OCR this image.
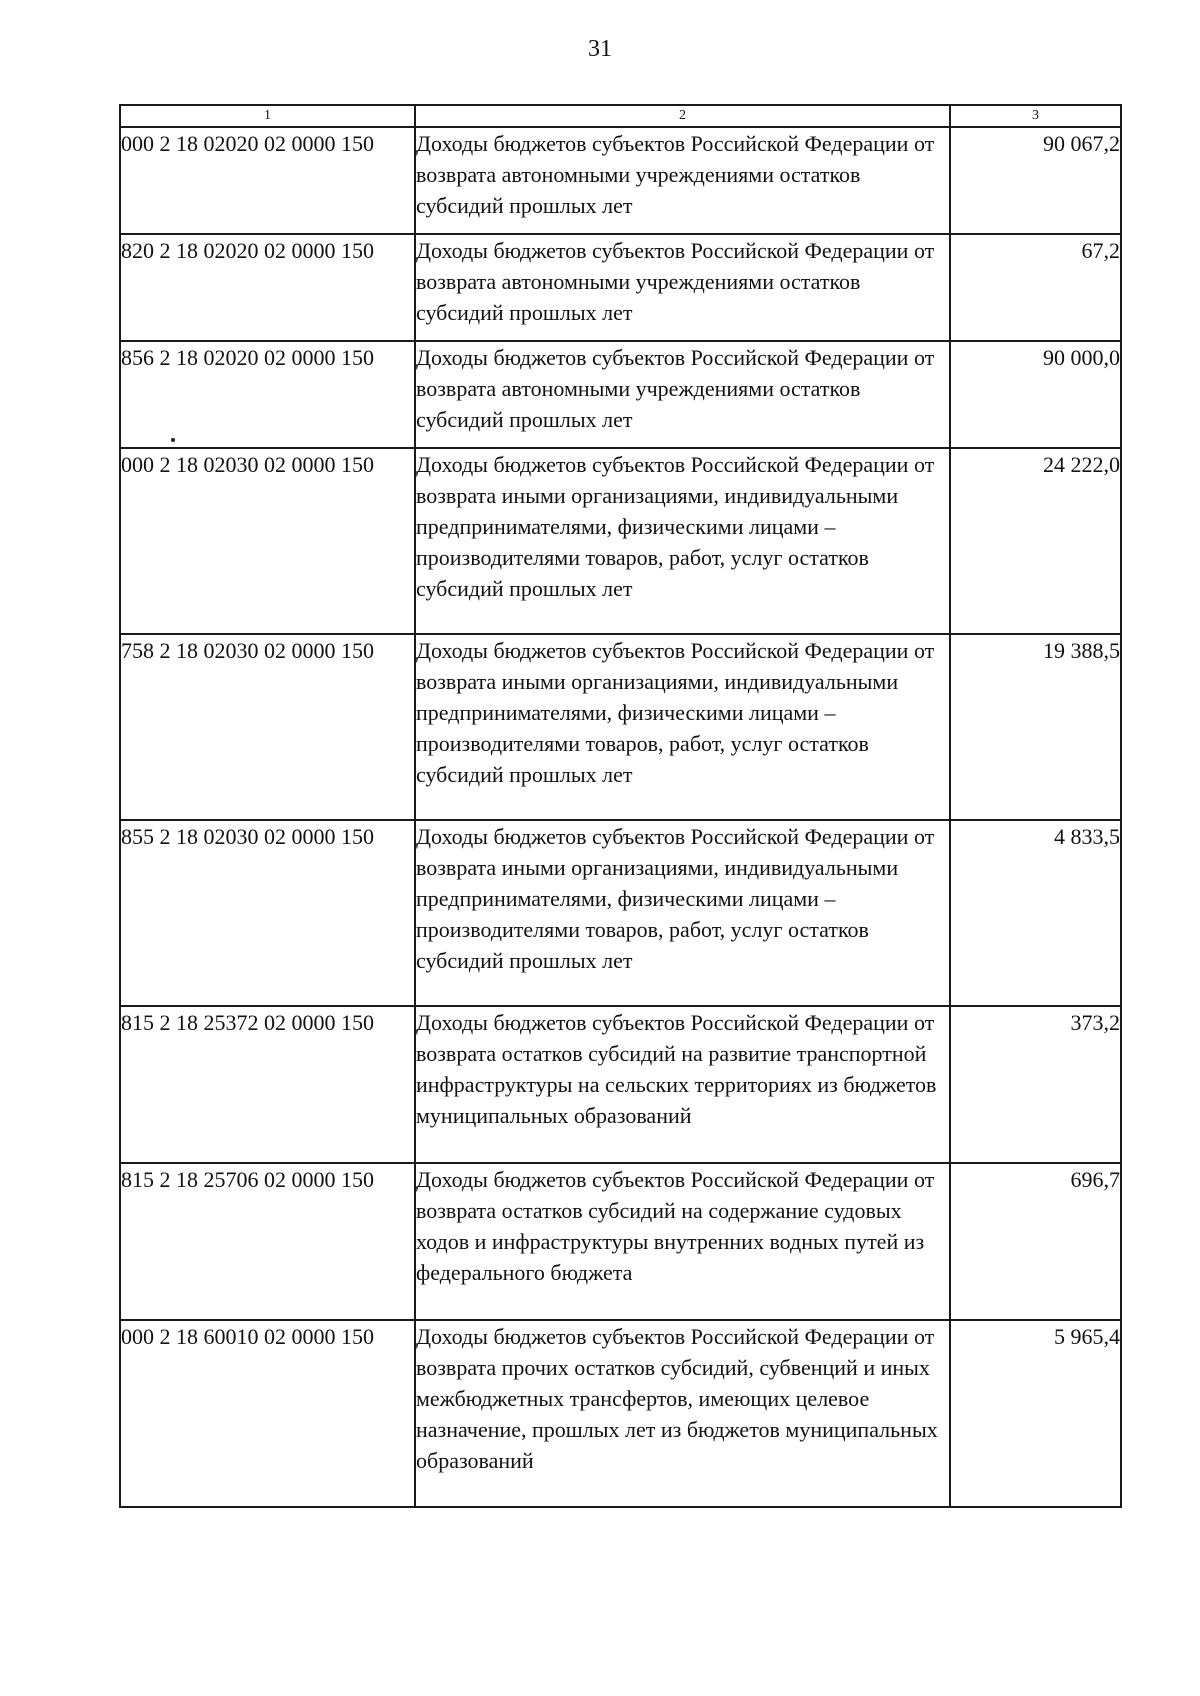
31
1	2	3
000 2 18 02020 02 0000 150	Доходы бюджетов субъектов Российской Федерации от возврата автономными учреждениями остатков субсидий прошлых лет	90 067,2
820 2 18 02020 02 0000 150	Доходы бюджетов субъектов Российской Федерации от возврата автономными учреждениями остатков субсидий прошлых лет	67,2
856 2 18 02020 02 0000 150	Доходы бюджетов субъектов Российской Федерации от возврата автономными учреждениями остатков субсидий прошлых лет	90 000,0
000 2 18 02030 02 0000 150	Доходы бюджетов субъектов Российской Федерации от возврата иными организациями, индивидуальными предпринимателями, физическими лицами – производителями товаров, работ, услуг остатков субсидий прошлых лет	24 222,0
758 2 18 02030 02 0000 150	Доходы бюджетов субъектов Российской Федерации от возврата иными организациями, индивидуальными предпринимателями, физическими лицами – производителями товаров, работ, услуг остатков субсидий прошлых лет	19 388,5
855 2 18 02030 02 0000 150	Доходы бюджетов субъектов Российской Федерации от возврата иными организациями, индивидуальными предпринимателями, физическими лицами – производителями товаров, работ, услуг остатков субсидий прошлых лет	4 833,5
815 2 18 25372 02 0000 150	Доходы бюджетов субъектов Российской Федерации от возврата остатков субсидий на развитие транспортной инфраструктуры на сельских территориях из бюджетов муниципальных образований	373,2
815 2 18 25706 02 0000 150	Доходы бюджетов субъектов Российской Федерации от возврата остатков субсидий на содержание судовых ходов и инфраструктуры внутренних водных путей из федерального бюджета	696,7
000 2 18 60010 02 0000 150	Доходы бюджетов субъектов Российской Федерации от возврата прочих остатков субсидий, субвенций и иных межбюджетных трансфертов, имеющих целевое назначение, прошлых лет из бюджетов муниципальных образований	5 965,4
